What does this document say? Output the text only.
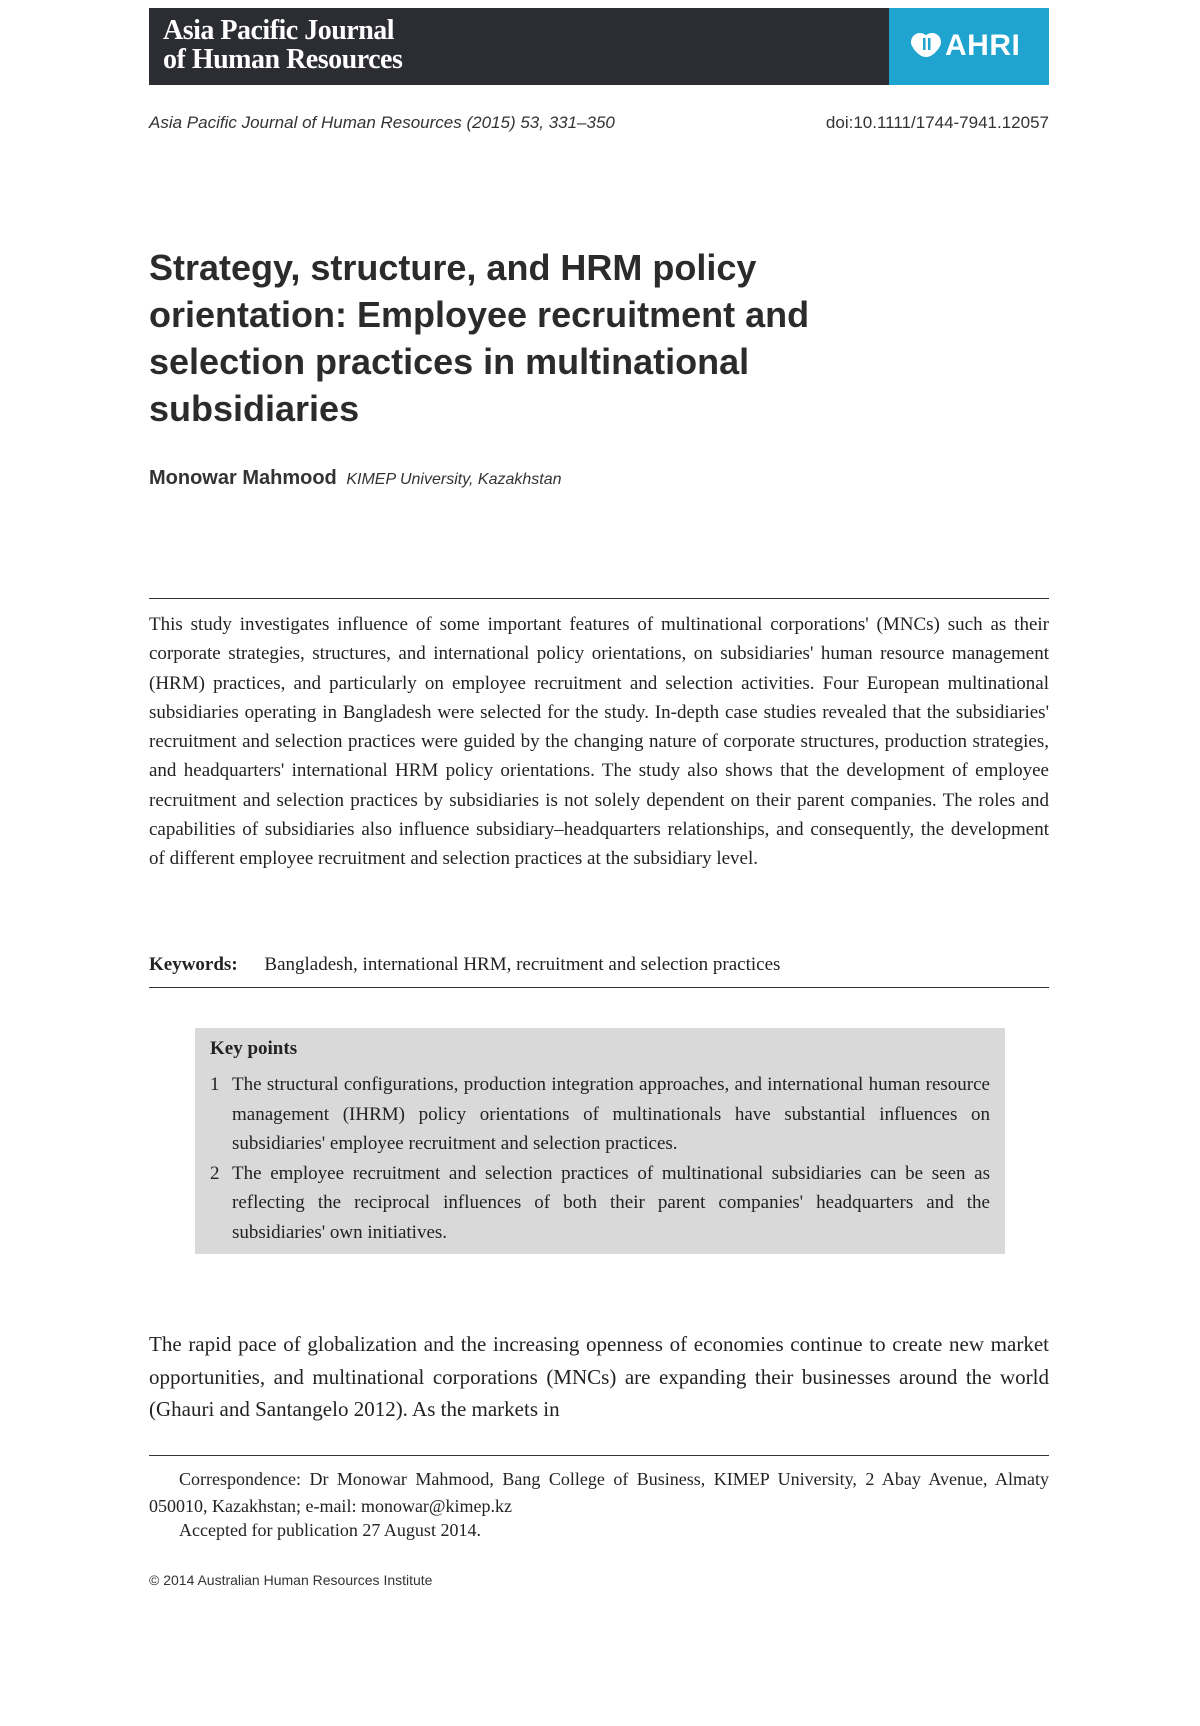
Asia Pacific Journal
of Human Resources	AHRI
Asia Pacific Journal of Human Resources (2015) 53, 331–350	doi:10.1111/1744-7941.12057
Strategy, structure, and HRM policy orientation: Employee recruitment and selection practices in multinational subsidiaries
Monowar Mahmood KIMEP University, Kazakhstan

This study investigates influence of some important features of multinational corporations' (MNCs) such as their corporate strategies, structures, and international policy orientations, on subsidiaries' human resource management (HRM) practices, and particularly on employee recruitment and selection activities. Four European multinational subsidiaries operating in Bangladesh were selected for the study. In-depth case studies revealed that the subsidiaries' recruitment and selection practices were guided by the changing nature of corporate structures, production strategies, and headquarters' international HRM policy orientations. The study also shows that the development of employee recruitment and selection practices by subsidiaries is not solely dependent on their parent companies. The roles and capabilities of subsidiaries also influence subsidiary–headquarters relationships, and consequently, the development of different employee recruitment and selection practices at the subsidiary level.

Keywords: Bangladesh, international HRM, recruitment and selection practices
Key points
1 The structural configurations, production integration approaches, and international human resource management (IHRM) policy orientations of multinationals have substantial influences on subsidiaries' employee recruitment and selection practices.
2 The employee recruitment and selection practices of multinational subsidiaries can be seen as reflecting the reciprocal influences of both their parent companies' headquarters and the subsidiaries' own initiatives.

The rapid pace of globalization and the increasing openness of economies continue to create new market opportunities, and multinational corporations (MNCs) are expanding their businesses around the world (Ghauri and Santangelo 2012). As the markets in

Correspondence: Dr Monowar Mahmood, Bang College of Business, KIMEP University, 2 Abay Avenue, Almaty 050010, Kazakhstan; e-mail: monowar@kimep.kz

Accepted for publication 27 August 2014.
© 2014 Australian Human Resources Institute
